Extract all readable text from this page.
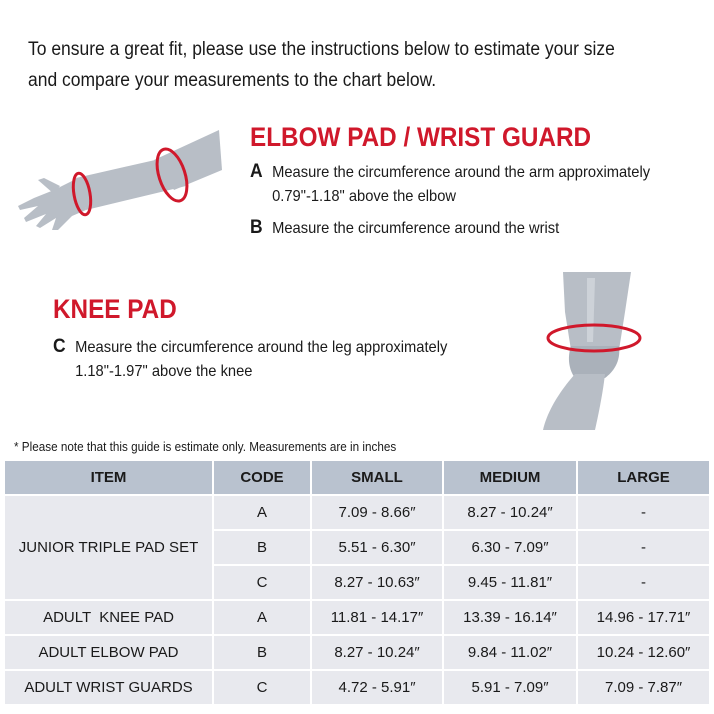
To ensure a great fit, please use the instructions below to estimate your size
and compare your measurements to the chart below.
ELBOW PAD / WRIST GUARD
A Measure the circumference around the arm approximately
0.79"-1.18" above the elbow
B Measure the circumference around the wrist
KNEE PAD
C Measure the circumference around the leg approximately
1.18"-1.97" above the knee
* Please note that this guide is estimate only. Measurements are in inches
ITEM	CODE	SMALL	MEDIUM	LARGE
JUNIOR TRIPLE PAD SET	A	7.09 - 8.66″	8.27 - 10.24″	-
	B	5.51 - 6.30″	6.30 - 7.09″	-
	C	8.27 - 10.63″	9.45 - 11.81″	-
ADULT  KNEE PAD	A	11.81 - 14.17″	13.39 - 16.14″	14.96 - 17.71″
ADULT ELBOW PAD	B	8.27 - 10.24″	9.84 - 11.02″	10.24 - 12.60″
ADULT WRIST GUARDS	C	4.72 - 5.91″	5.91 - 7.09″	7.09 - 7.87″
